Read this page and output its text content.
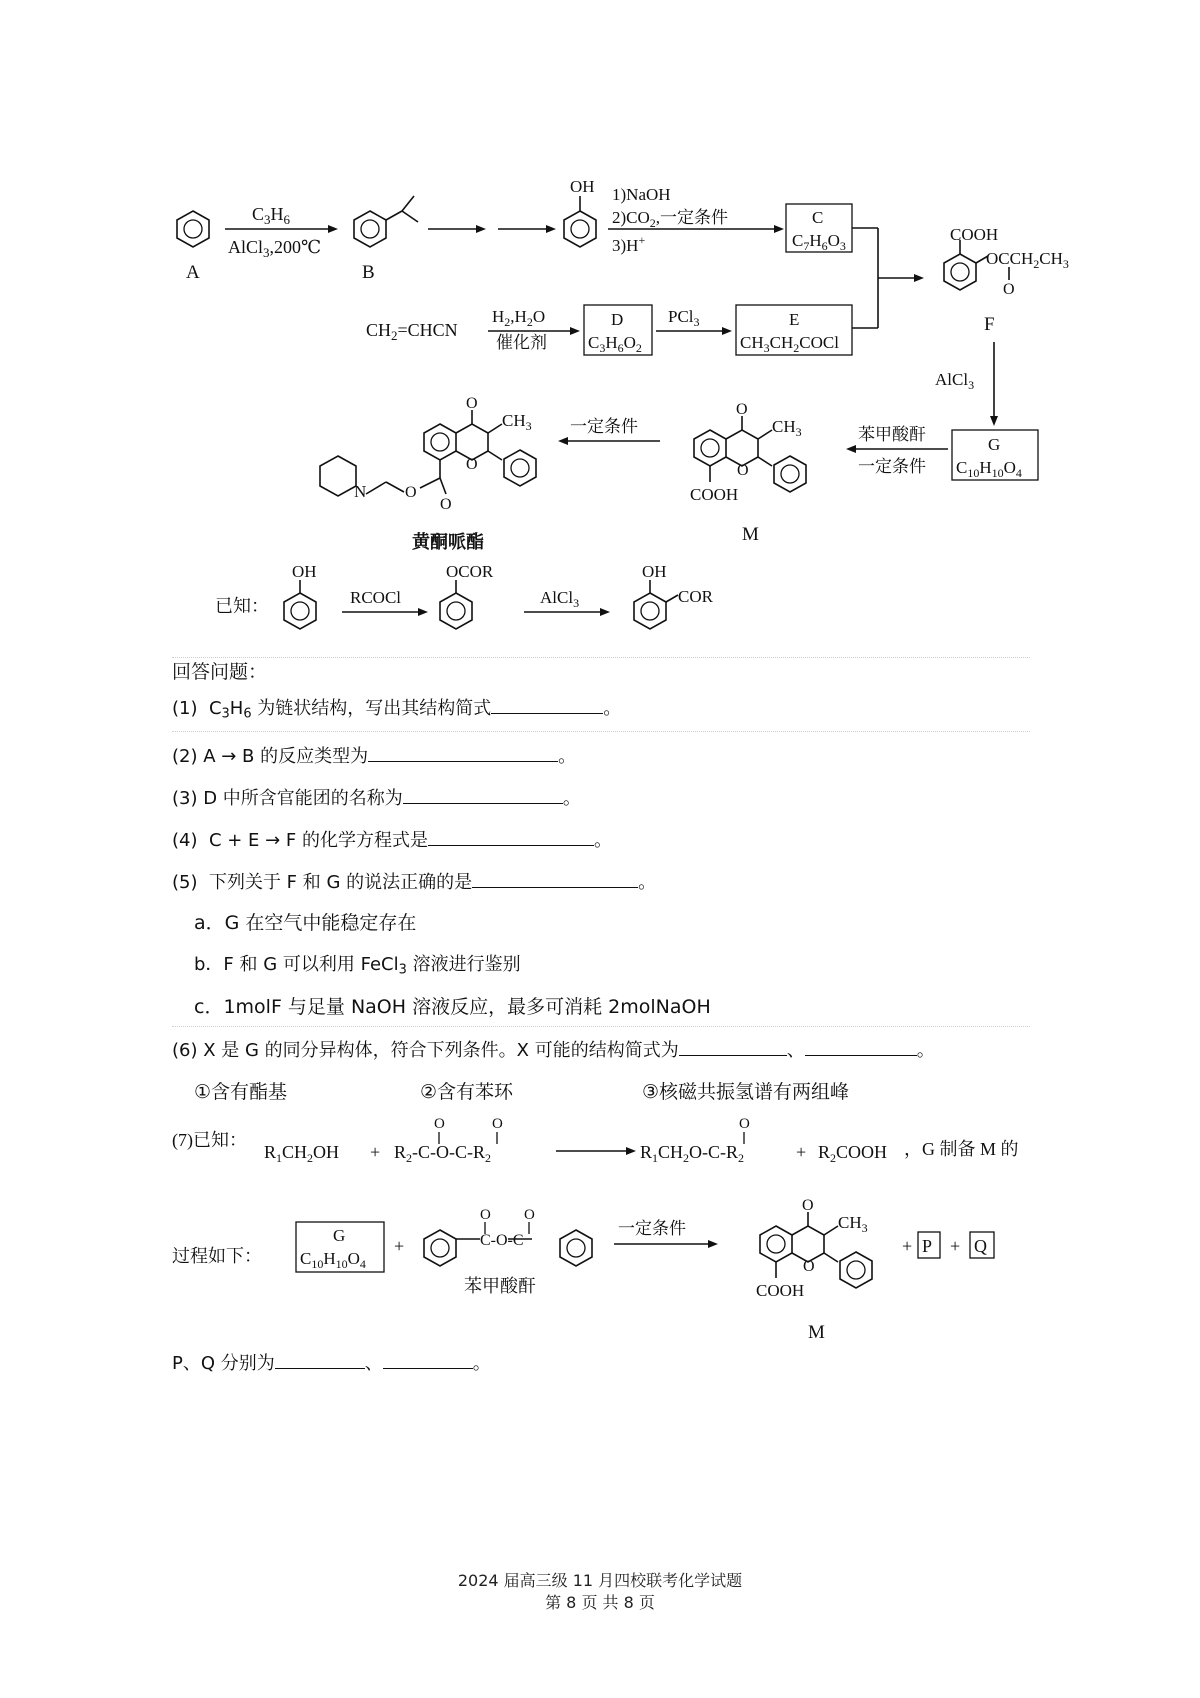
A
$C_3H_6$
AlCl$_3$,200℃
B
OH 1)NaOH
$2)CO_2$,一定条件
3)H+
C
$C_7H_6O_3$
$CH_2=CHCN$
$H_2,H_2O$
催化剂
D
$C_3H_6O_2$
PCl$_3$	E
$CH_3CH_2COCl$
COOH
$OCCH_2CH_3$
O
F
AlCl$_3$
G
$C_{10}H_{10}O_4$
苯甲酸酐
一定条件
O
$CH_3$
O
COOH
M
一定条件
O
$CH_3$
O
O
O
N
黄酮哌酯
已知：
OH
RCOCl
OCOR
AlCl$_3$
OH
COR
回答问题：
(1)  $C_3H_6$ 为链状结构，写出其结构简式	。
(2) A → B 的反应类型为	。
(3) D 中所含官能团的名称为	。
(4)  C + E → F 的化学方程式是	。
(5)  下列关于 F 和 G 的说法正确的是	。
a．G 在空气中能稳定存在
b．F 和 G 可以利用 FeCl$_3$ 溶液进行鉴别
c．1molF 与足量 NaOH 溶液反应，最多可消耗 2molNaOH
(6) X 是 G 的同分异构体，符合下列条件。X 可能的结构简式为	、	。
①含有酯基	②含有苯环	③核磁共振氢谱有两组峰
(7)已知：
$R_1CH_2OH + R_2-C-O-C-R_2$
O	O
$R_1CH_2O-C-R_2$
O
+ $R_2COOH$ ，G 制备 M 的
过程如下：
G
$C_{10}H_{10}O_4$
+
O
C-O-C
O
苯甲酸酐
一定条件
O
$CH_3$
O
COOH
M
+ P + Q
P、Q 分别为	、	。
2024 届高三级 11 月四校联考化学试题
第 8 页 共 8 页
